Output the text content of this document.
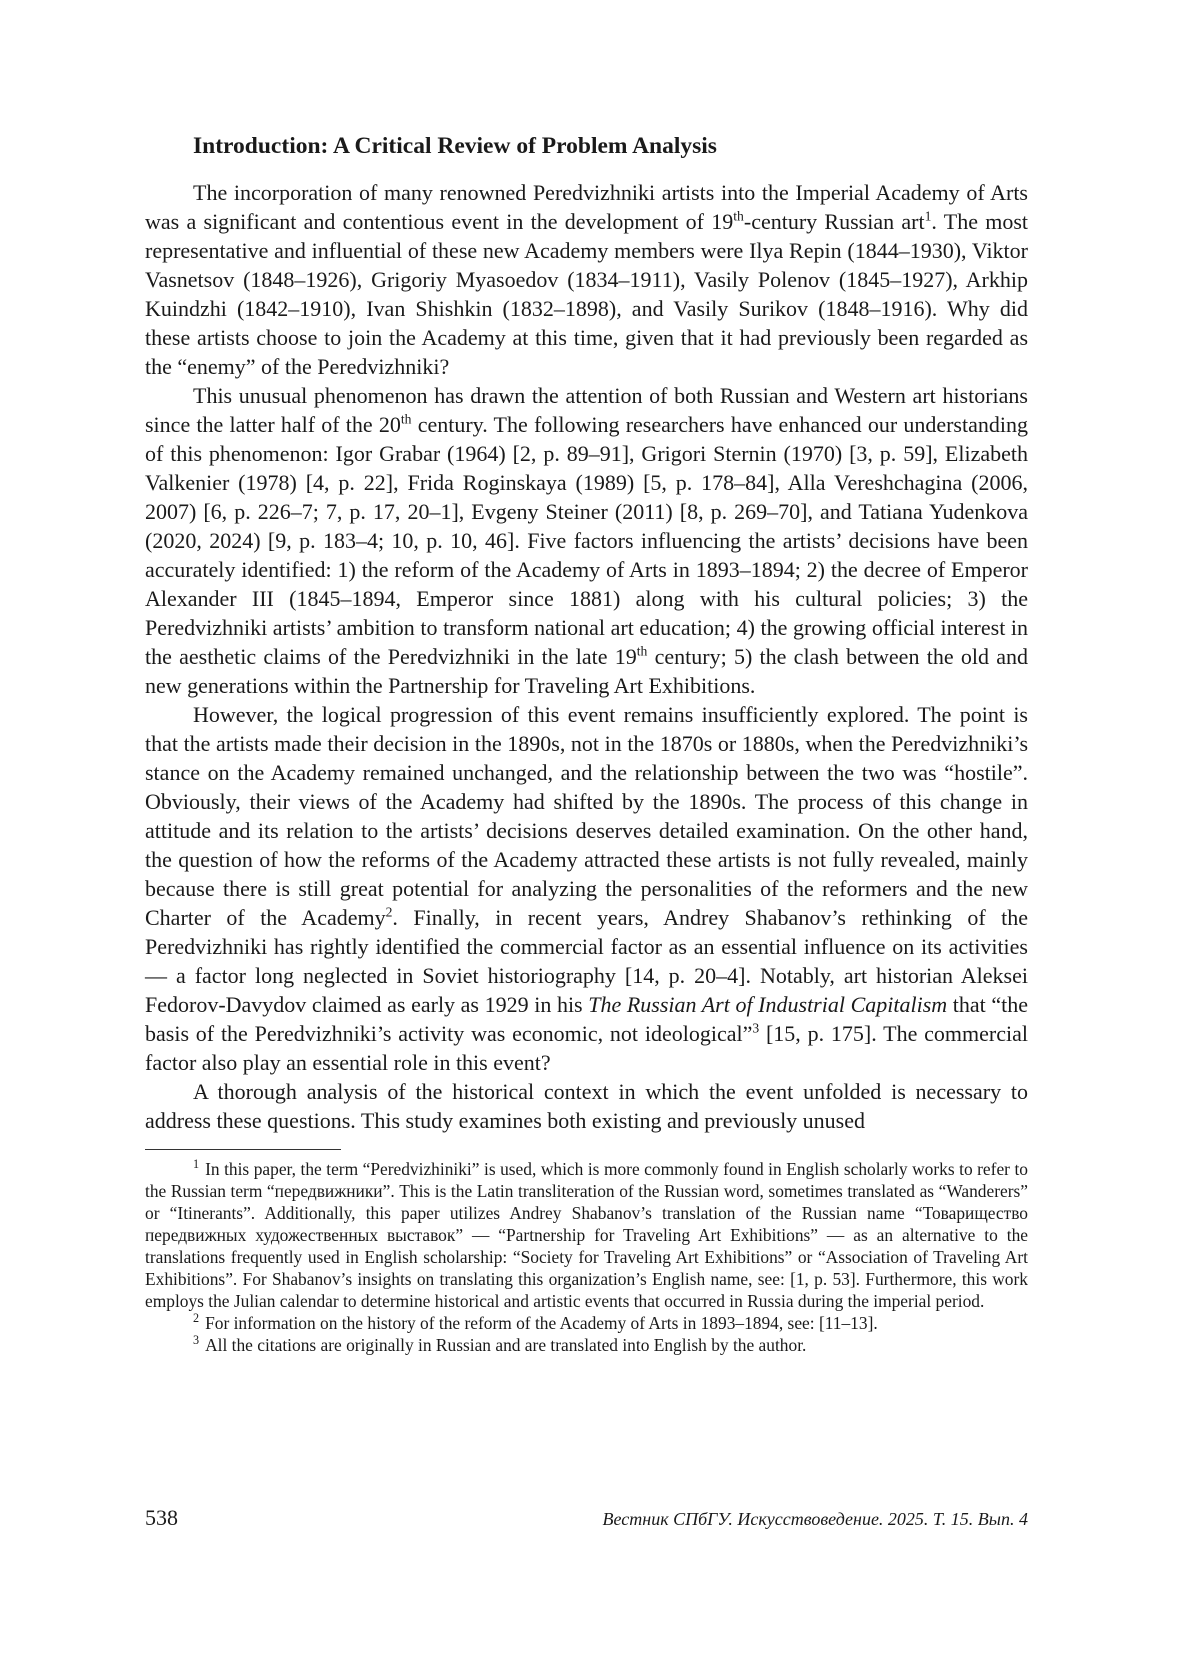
Introduction: A Critical Review of Problem Analysis

The incorporation of many renowned Peredvizhniki artists into the Imperial Academy of Arts was a significant and contentious event in the development of 19th-century Russian art$^1$. The most representative and influential of these new Academy members were Ilya Repin (1844–1930), Viktor Vasnetsov (1848–1926), Grigoriy Myasoedov (1834–1911), Vasily Polenov (1845–1927), Arkhip Kuindzhi (1842–1910), Ivan Shishkin (1832–1898), and Vasily Surikov (1848–1916). Why did these artists choose to join the Academy at this time, given that it had previously been regarded as the “enemy” of the Peredvizhniki?

This unusual phenomenon has drawn the attention of both Russian and Western art historians since the latter half of the 20th century. The following researchers have enhanced our understanding of this phenomenon: Igor Grabar (1964) [2, p. 89–91], Grigori Sternin (1970) [3, p. 59], Elizabeth Valkenier (1978) [4, p. 22], Frida Roginskaya (1989) [5, p. 178–84], Alla Vereshchagina (2006, 2007) [6, p. 226–7; 7, p. 17, 20–1], Evgeny Steiner (2011) [8, p. 269–70], and Tatiana Yudenkova (2020, 2024) [9, p. 183–4; 10, p. 10, 46]. Five factors influencing the artists’ decisions have been accurately identified: 1) the reform of the Academy of Arts in 1893–1894; 2) the decree of Emperor Alexander III (1845–1894, Emperor since 1881) along with his cultural policies; 3) the Peredvizhniki artists’ ambition to transform national art education; 4) the growing official interest in the aesthetic claims of the Peredvizhniki in the late 19th century; 5) the clash between the old and new generations within the Partnership for Traveling Art Exhibitions.

However, the logical progression of this event remains insufficiently explored. The point is that the artists made their decision in the 1890s, not in the 1870s or 1880s, when the Peredvizhniki’s stance on the Academy remained unchanged, and the relationship between the two was “hostile”. Obviously, their views of the Academy had shifted by the 1890s. The process of this change in attitude and its relation to the artists’ decisions deserves detailed examination. On the other hand, the question of how the reforms of the Academy attracted these artists is not fully revealed, mainly because there is still great potential for analyzing the personalities of the reformers and the new Charter of the Academy$^2$. Finally, in recent years, Andrey Shabanov’s rethinking of the Peredvizhniki has rightly identified the commercial factor as an essential influence on its activities — a factor long neglected in Soviet historiography [14, p. 20–4]. Notably, art historian Aleksei Fedorov-Davydov claimed as early as 1929 in his The Russian Art of Industrial Capitalism that “the basis of the Peredvizhniki’s activity was economic, not ideological”$^3$ [15, p. 175]. The commercial factor also play an essential role in this event?

A thorough analysis of the historical context in which the event unfolded is necessary to address these questions. This study examines both existing and previously unused

$^1$ In this paper, the term “Peredvizhiniki” is used, which is more commonly found in English scholarly works to refer to the Russian term “передвижники”. This is the Latin transliteration of the Russian word, sometimes translated as “Wanderers” or “Itinerants”. Additionally, this paper utilizes Andrey Shabanov’s translation of the Russian name “Товарищество передвижных художественных выставок” — “Partnership for Traveling Art Exhibitions” — as an alternative to the translations frequently used in English scholarship: “Society for Traveling Art Exhibitions” or “Association of Traveling Art Exhibitions”. For Shabanov’s insights on translating this organization’s English name, see: [1, p. 53]. Furthermore, this work employs the Julian calendar to determine historical and artistic events that occurred in Russia during the imperial period.

$^2$ For information on the history of the reform of the Academy of Arts in 1893–1894, see: [11–13].

$^3$ All the citations are originally in Russian and are translated into English by the author.

538	Вестник СПбГУ. Искусствоведение. 2025. Т. 15. Вып. 4
